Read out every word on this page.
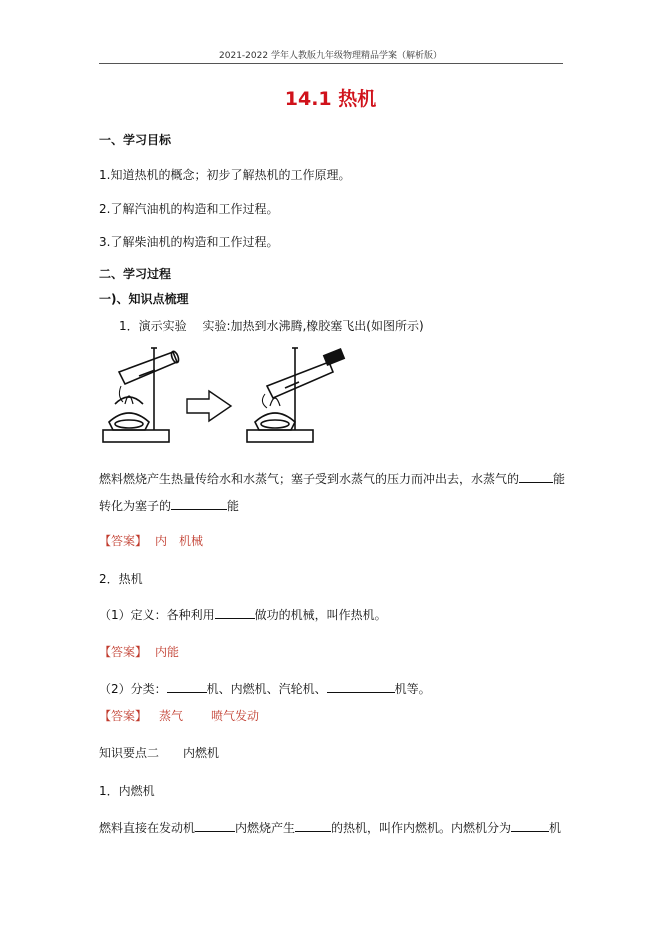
2021-2022 学年人教版九年级物理精品学案（解析版）
14.1 热机
一、学习目标
1.知道热机的概念；初步了解热机的工作原理。
2.了解汽油机的构造和工作过程。
3.了解柴油机的构造和工作过程。
二、学习过程
一)、知识点梳理
1．演示实验　 实验:加热到水沸腾,橡胶塞飞出(如图所示)
燃料燃烧产生热量传给水和水蒸气；塞子受到水蒸气的压力而冲出去，水蒸气的	能
转化为塞子的	能
【答案】 内 机械
2．热机
（1）定义：各种利用	做功的机械，叫作热机。
【答案】 内能
（2）分类：	机、内燃机、汽轮机、	机等。
【答案】 蒸气 喷气发动
知识要点二　　内燃机
1．内燃机
燃料直接在发动机	内燃烧产生	的热机，叫作内燃机。内燃机分为	机
